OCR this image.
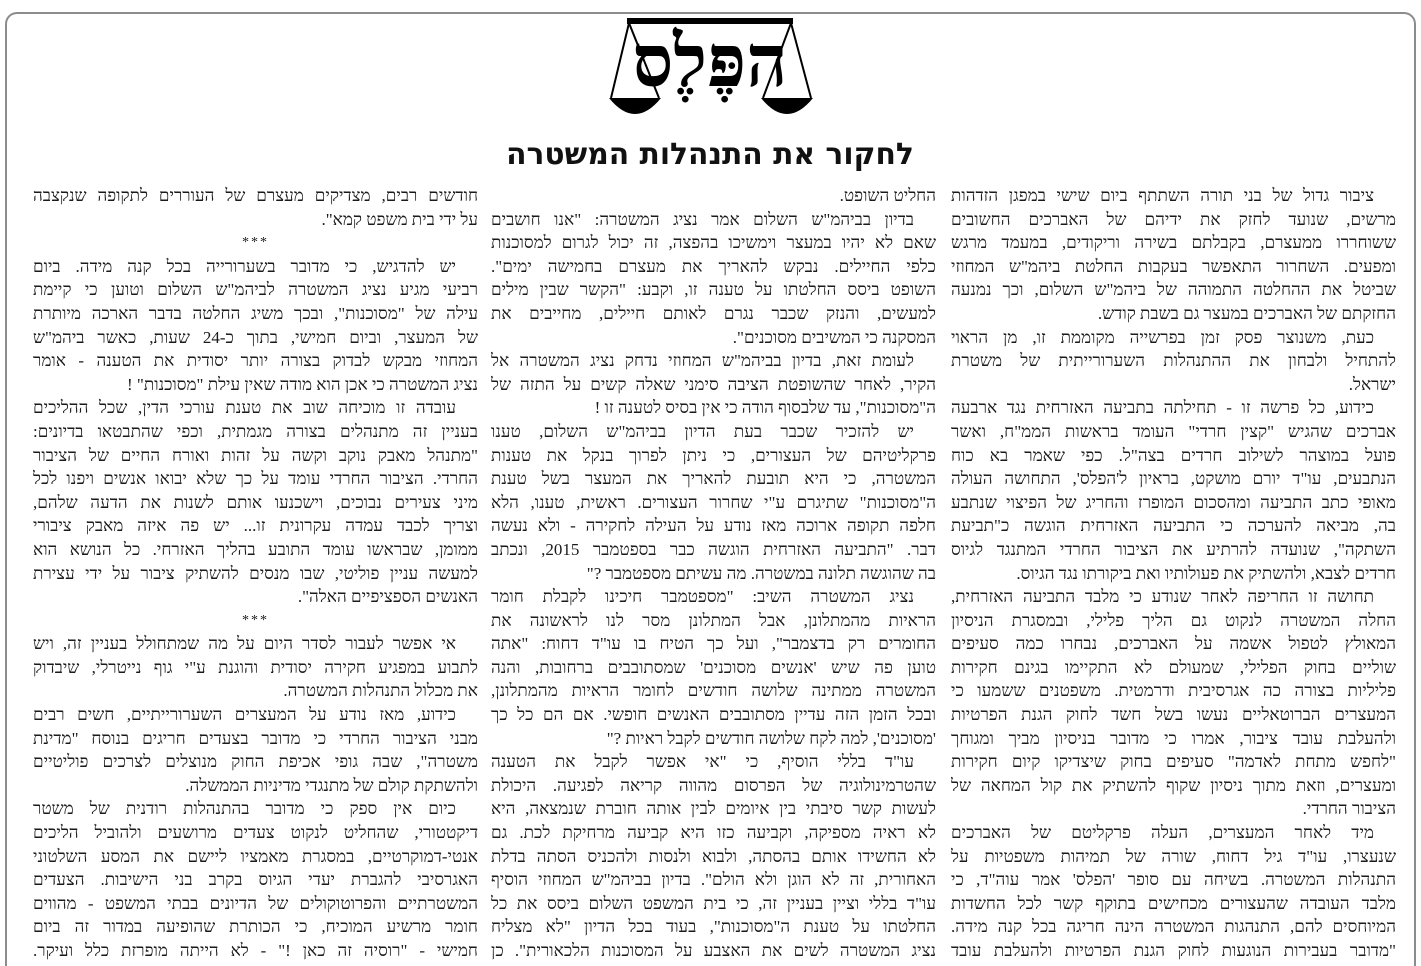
הפֶּלֶס
לחקור את התנהלות המשטרה
ציבור גדול של בני תורה השתתף ביום שישי במפגן הזדהות
מרשים, שנועד לחזק את ידיהם של האברכים החשובים
ששוחררו ממעצרם, בקבלתם בשירה וריקודים, במעמד מרגש
ומפעים. השחרור התאפשר בעקבות החלטת ביהמ"ש המחוזי
שביטל את ההחלטה התמוהה של ביהמ"ש השלום, וכך נמנעה
החזקתם של האברכים במעצר גם בשבת קודש.
כעת, משנוצר פסק זמן בפרשייה מקוממת זו, מן הראוי
להתחיל ולבחון את ההתנהלות השערורייתית של משטרת
ישראל.
כידוע, כל פרשה זו - תחילתה בתביעה האזרחית נגד ארבעה
אברכים שהגיש "קצין חרדי" העומד בראשות הממ"ח, ואשר
פועל במוצהר לשילוב חרדים בצה"ל. כפי שאמר בא כוח
הנתבעים, עו"ד יורם מושקט, בראיון ל'הפלס', התחושה העולה
מאופי כתב התביעה ומהסכום המופרז והחריג של הפיצוי שנתבע
בה, מביאה להערכה כי התביעה האזרחית הוגשה כ"תביעת
השתקה", שנועדה להרתיע את הציבור החרדי המתנגד לגיוס
חרדים לצבא, ולהשתיק את פעולותיו ואת ביקורתו נגד הגיוס.
תחושה זו החריפה לאחר שנודע כי מלבד התביעה האזרחית,
החלה המשטרה לנקוט גם הליך פלילי, ובמסגרת הניסיון
המאולץ לטפול אשמה על האברכים, נבחרו כמה סעיפים
שוליים בחוק הפלילי, שמעולם לא התקיימו בגינם חקירות
פליליות בצורה כה אגרסיבית ודרמטית. משפטנים ששמעו כי
המעצרים הברוטאליים נעשו בשל חשד לחוק הגנת הפרטיות
ולהעלבת עובד ציבור, אמרו כי מדובר בניסיון מביך ומגוחך
"לחפש מתחת לאדמה" סעיפים בחוק שיצדיקו קיום חקירות
ומעצרים, וזאת מתוך ניסיון שקוף להשתיק את קול המחאה של
הציבור החרדי.
מיד לאחר המעצרים, העלה פרקליטם של האברכים
שנעצרו, עו"ד גיל דחוח, שורה של תמיהות משפטיות על
התנהלות המשטרה. בשיחה עם סופר 'הפלס' אמר עוה"ד, כי
מלבד העובדה שהעצורים מכחישים בתוקף קשר לכל החשדות
המיוחסים להם, התנהגות המשטרה הינה חריגה בכל קנה מידה.
"מדובר בעבירות הנוגעות לחוק הגנת הפרטיות ולהעלבת עובד
החליט השופט.
בדיון בביהמ"ש השלום אמר נציג המשטרה: "אנו חושבים
שאם לא יהיו במעצר וימשיכו בהפצה, זה יכול לגרום למסוכנות
כלפי החיילים. נבקש להאריך את מעצרם בחמישה ימים".
השופט ביסס החלטתו על טענה זו, וקבע: "הקשר שבין מילים
למעשים, והנזק שכבר נגרם לאותם חיילים, מחייבים את
המסקנה כי המשיבים מסוכנים".
לעומת זאת, בדיון בביהמ"ש המחוזי נדחק נציג המשטרה אל
הקיר, לאחר שהשופטת הציבה סימני שאלה קשים על התזה של
ה"מסוכנות", עד שלבסוף הודה כי אין בסיס לטענה זו !
יש להזכיר שכבר בעת הדיון בביהמ"ש השלום, טענו
פרקליטיהם של העצורים, כי ניתן לפרוך בנקל את טענות
המשטרה, כי היא תובעת להאריך את המעצר בשל טענת
ה"מסוכנות" שתיגרם ע"י שחרור העצורים. ראשית, טענו, הלא
חלפה תקופה ארוכה מאז נודע על העילה לחקירה - ולא נעשה
דבר. "התביעה האזרחית הוגשה כבר בספטמבר 2015, ונכתב
בה שהוגשה תלונה במשטרה. מה עשיתם מספטמבר ?"
נציג המשטרה השיב: "מספטמבר חיכינו לקבלת חומר
הראיות מהמתלונן, אבל המתלונן מסר לנו לראשונה את
החומרים רק בדצמבר", ועל כך הטיח בו עו"ד דחוח: "אתה
טוען פה שיש 'אנשים מסוכנים' שמסתובבים ברחובות, והנה
המשטרה ממתינה שלושה חודשים לחומר הראיות מהמתלונן,
ובכל הזמן הזה עדיין מסתובבים האנשים חופשי. אם הם כל כך
'מסוכנים', למה לקח שלושה חודשים לקבל ראיות ?"
עו"ד בללי הוסיף, כי "אי אפשר לקבל את הטענה
שהטרמינולוגיה של הפרסום מהווה קריאה לפגיעה. היכולת
לעשות קשר סיבתי בין איומים לבין אותה חוברת שנמצאה, היא
לא ראיה מספיקה, וקביעה כזו היא קביעה מרחיקת לכת. גם
לא החשידו אותם בהסתה, ולבוא ולנסות ולהכניס הסתה בדלת
האחורית, זה לא הוגן ולא הולם". בדיון בביהמ"ש המחוזי הוסיף
עו"ד בללי וציין בעניין זה, כי בית המשפט השלום ביסס את כל
החלטתו על טענת ה"מסוכנות", בעוד בכל הדיון "לא מצליח
נציג המשטרה לשים את האצבע על המסוכנות הלכאורית". כן
חודשים רבים, מצדיקים מעצרם של העוררים לתקופה שנקצבה
על ידי בית משפט קמא".
***
יש להדגיש, כי מדובר בשערורייה בכל קנה מידה. ביום
רביעי מגיע נציג המשטרה לביהמ"ש השלום וטוען כי קיימת
עילה של "מסוכנות", ובכך משיג החלטה בדבר הארכה מיותרת
של המעצר, וביום חמישי, בתוך כ-24 שעות, כאשר ביהמ"ש
המחוזי מבקש לבדוק בצורה יותר יסודית את הטענה - אומר
נציג המשטרה כי אכן הוא מודה שאין עילת "מסוכנות" !
עובדה זו מוכיחה שוב את טענת עורכי הדין, שכל ההליכים
בעניין זה מתנהלים בצורה מגמתית, וכפי שהתבטאו בדיונים:
"מתנהל מאבק נוקב וקשה על זהות ואורח החיים של הציבור
החרדי. הציבור החרדי עומד על כך שלא יבואו אנשים ויפנו לכל
מיני צעירים נבוכים, וישכנעו אותם לשנות את הדעה שלהם,
וצריך לכבד עמדה עקרונית זו... יש פה איזה מאבק ציבורי
ממומן, שבראשו עומד התובע בהליך האזרחי. כל הנושא הוא
למעשה עניין פוליטי, שבו מנסים להשתיק ציבור על ידי עצירת
האנשים הספציפיים האלה".
***
אי אפשר לעבור לסדר היום על מה שמתחולל בעניין זה, ויש
לתבוע במפגיע חקירה יסודית והוגנת ע"י גוף נייטרלי, שיבדוק
את מכלול התנהלות המשטרה.
כידוע, מאז נודע על המעצרים השערורייתיים, חשים רבים
מבני הציבור החרדי כי מדובר בצעדים חריגים בנוסח "מדינת
משטרה", שבה גופי אכיפת החוק מנוצלים לצרכים פוליטיים
ולהשתקת קולם של מתנגדי מדיניות הממשלה.
כיום אין ספק כי מדובר בהתנהלות רודנית של משטר
דיקטטורי, שהחליט לנקוט צעדים מרושעים ולהוביל הליכים
אנטי-דמוקרטיים, במסגרת מאמציו ליישם את המסע השלטוני
האגרסיבי להגברת יעדי הגיוס בקרב בני הישיבות. הצעדים
המשטרתיים והפרוטוקולים של הדיונים בבתי המשפט - מהווים
חומר מרשיע המוכיח, כי הכותרת שהופיעה במדור זה ביום
חמישי - "רוסיה זה כאן !" - לא הייתה מופרזת כלל ועיקר.
